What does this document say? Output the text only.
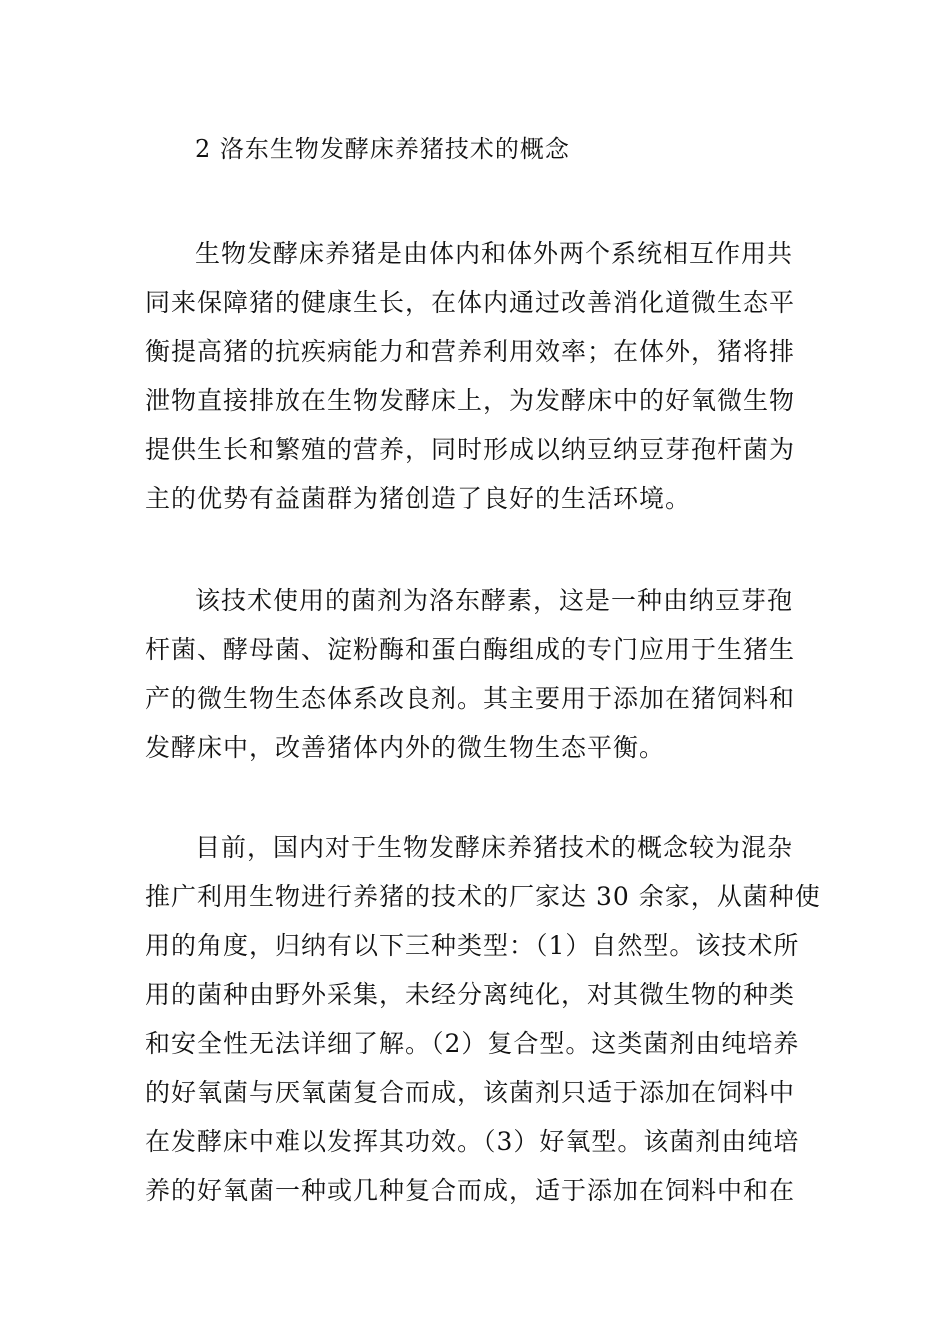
2 洛东生物发酵床养猪技术的概念
生物发酵床养猪是由体内和体外两个系统相互作用共
同来保障猪的健康生长，在体内通过改善消化道微生态平
衡提高猪的抗疾病能力和营养利用效率；在体外，猪将排
泄物直接排放在生物发酵床上，为发酵床中的好氧微生物
提供生长和繁殖的营养，同时形成以纳豆纳豆芽孢杆菌为
主的优势有益菌群为猪创造了良好的生活环境。
该技术使用的菌剂为洛东酵素，这是一种由纳豆芽孢
杆菌、酵母菌、淀粉酶和蛋白酶组成的专门应用于生猪生
产的微生物生态体系改良剂。其主要用于添加在猪饲料和
发酵床中，改善猪体内外的微生物生态平衡。
目前，国内对于生物发酵床养猪技术的概念较为混杂
推广利用生物进行养猪的技术的厂家达 30 余家，从菌种使
用的角度，归纳有以下三种类型：（1）自然型。该技术所
用的菌种由野外采集，未经分离纯化，对其微生物的种类
和安全性无法详细了解。（2）复合型。这类菌剂由纯培养
的好氧菌与厌氧菌复合而成，该菌剂只适于添加在饲料中
在发酵床中难以发挥其功效。（3）好氧型。该菌剂由纯培
养的好氧菌一种或几种复合而成，适于添加在饲料中和在
